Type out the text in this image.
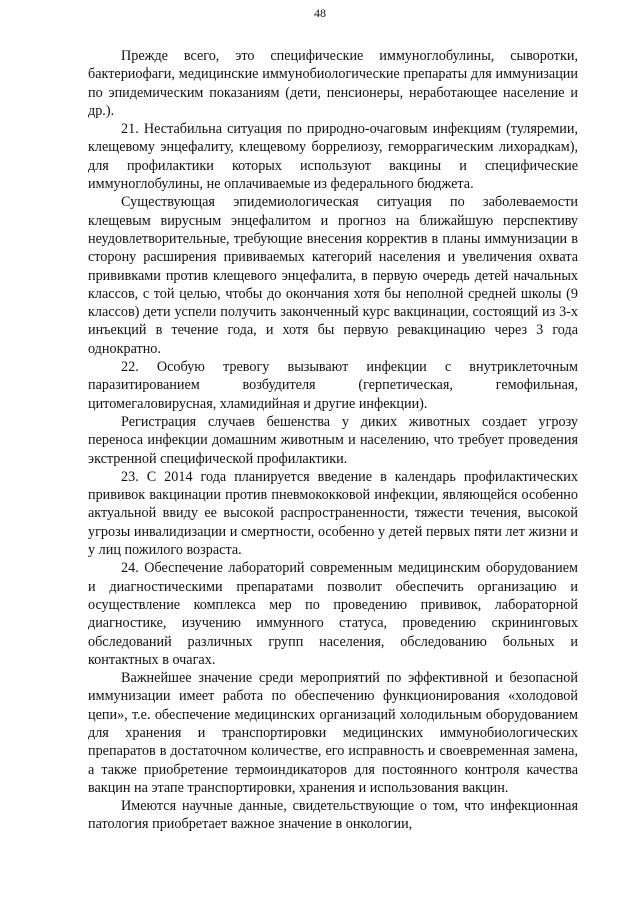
48

Прежде всего, это специфические иммуноглобулины, сыворотки, бактериофаги, медицинские иммунобиологические препараты для иммунизации по эпидемическим показаниям (дети, пенсионеры, неработающее население и др.).

21. Нестабильна ситуация по природно-очаговым инфекциям (туляремии, клещевому энцефалиту, клещевому боррелиозу, геморрагическим лихорадкам), для профилактики которых используют вакцины и специфические иммуноглобулины, не оплачиваемые из федерального бюджета.

Существующая эпидемиологическая ситуация по заболеваемости клещевым вирусным энцефалитом и прогноз на ближайшую перспективу неудовлетворительные, требующие внесения корректив в планы иммунизации в сторону расширения прививаемых категорий населения и увеличения охвата прививками против клещевого энцефалита, в первую очередь детей начальных классов, с той целью, чтобы до окончания хотя бы неполной средней школы (9 классов) дети успели получить законченный курс вакцинации, состоящий из 3-х инъекций в течение года, и хотя бы первую ревакцинацию через 3 года однократно.

22. Особую тревогу вызывают инфекции с внутриклеточным паразитированием возбудителя (герпетическая, гемофильная, цитомегаловирусная, хламидийная и другие инфекции).

Регистрация случаев бешенства у диких животных создает угрозу переноса инфекции домашним животным и населению, что требует проведения экстренной специфической профилактики.

23. С 2014 года планируется введение в календарь профилактических прививок вакцинации против пневмококковой инфекции, являющейся особенно актуальной ввиду ее высокой распространенности, тяжести течения, высокой угрозы инвалидизации и смертности, особенно у детей первых пяти лет жизни и у лиц пожилого возраста.

24. Обеспечение лабораторий современным медицинским оборудованием и диагностическими препаратами позволит обеспечить организацию и осуществление комплекса мер по проведению прививок, лабораторной диагностике, изучению иммунного статуса, проведению скрининговых обследований различных групп населения, обследованию больных и контактных в очагах.

Важнейшее значение среди мероприятий по эффективной и безопасной иммунизации имеет работа по обеспечению функционирования «холодовой цепи», т.е. обеспечение медицинских организаций холодильным оборудованием для хранения и транспортировки медицинских иммунобиологических препаратов в достаточном количестве, его исправность и своевременная замена, а также приобретение термоиндикаторов для постоянного контроля качества вакцин на этапе транспортировки, хранения и использования вакцин.

Имеются научные данные, свидетельствующие о том, что инфекционная патология приобретает важное значение в онкологии,
